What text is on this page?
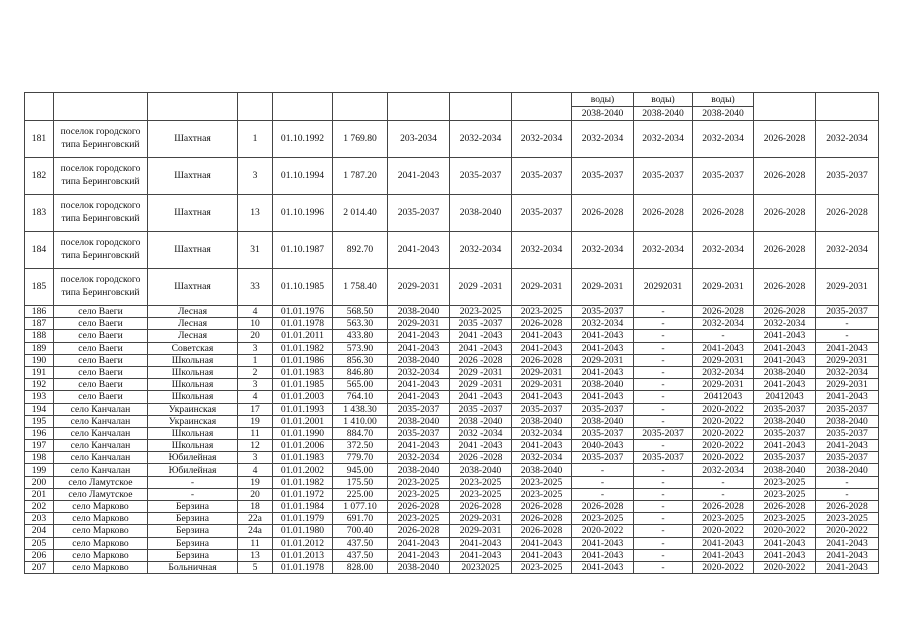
									воды)	воды)	воды)		
									2038-2040	2038-2040	2038-2040		
181	поселок городского типа Беринговский	Шахтная	1	01.10.1992	1 769.80	203-2034	2032-2034	2032-2034	2032-2034	2032-2034	2032-2034	2026-2028	2032-2034
182	поселок городского типа Беринговский	Шахтная	3	01.10.1994	1 787.20	2041-2043	2035-2037	2035-2037	2035-2037	2035-2037	2035-2037	2026-2028	2035-2037
183	поселок городского типа Беринговский	Шахтная	13	01.10.1996	2 014.40	2035-2037	2038-2040	2035-2037	2026-2028	2026-2028	2026-2028	2026-2028	2026-2028
184	поселок городского типа Беринговский	Шахтная	31	01.10.1987	892.70	2041-2043	2032-2034	2032-2034	2032-2034	2032-2034	2032-2034	2026-2028	2032-2034
185	поселок городского типа Беринговский	Шахтная	33	01.10.1985	1 758.40	2029-2031	2029 -2031	2029-2031	2029-2031	20292031	2029-2031	2026-2028	2029-2031
186	село Ваеги	Лесная	4	01.01.1976	568.50	2038-2040	2023-2025	2023-2025	2035-2037	-	2026-2028	2026-2028	2035-2037
187	село Ваеги	Лесная	10	01.01.1978	563.30	2029-2031	2035 -2037	2026-2028	2032-2034	-	2032-2034	2032-2034	-
188	село Ваеги	Лесная	20	01.01.2011	433.80	2041-2043	2041 -2043	2041-2043	2041-2043	-	-	2041-2043	-
189	село Ваеги	Советская	3	01.01.1982	573.90	2041-2043	2041 -2043	2041-2043	2041-2043	-	2041-2043	2041-2043	2041-2043
190	село Ваеги	Школьная	1	01.01.1986	856.30	2038-2040	2026 -2028	2026-2028	2029-2031	-	2029-2031	2041-2043	2029-2031
191	село Ваеги	Школьная	2	01.01.1983	846.80	2032-2034	2029 -2031	2029-2031	2041-2043	-	2032-2034	2038-2040	2032-2034
192	село Ваеги	Школьная	3	01.01.1985	565.00	2041-2043	2029 -2031	2029-2031	2038-2040	-	2029-2031	2041-2043	2029-2031
193	село Ваеги	Школьная	4	01.01.2003	764.10	2041-2043	2041 -2043	2041-2043	2041-2043	-	20412043	20412043	2041-2043
194	село Канчалан	Украинская	17	01.01.1993	1 438.30	2035-2037	2035 -2037	2035-2037	2035-2037	-	2020-2022	2035-2037	2035-2037
195	село Канчалан	Украинская	19	01.01.2001	1 410.00	2038-2040	2038 -2040	2038-2040	2038-2040	-	2020-2022	2038-2040	2038-2040
196	село Канчалан	Школьная	11	01.01.1990	884.70	2035-2037	2032 -2034	2032-2034	2035-2037	2035-2037	2020-2022	2035-2037	2035-2037
197	село Канчалан	Школьная	12	01.01.2006	372.50	2041-2043	2041 -2043	2041-2043	2040-2043	-	2020-2022	2041-2043	2041-2043
198	село Канчалан	Юбилейная	3	01.01.1983	779.70	2032-2034	2026 -2028	2032-2034	2035-2037	2035-2037	2020-2022	2035-2037	2035-2037
199	село Канчалан	Юбилейная	4	01.01.2002	945.00	2038-2040	2038-2040	2038-2040	-	-	2032-2034	2038-2040	2038-2040
200	село Ламутское	-	19	01.01.1982	175.50	2023-2025	2023-2025	2023-2025	-	-	-	2023-2025	-
201	село Ламутское	-	20	01.01.1972	225.00	2023-2025	2023-2025	2023-2025	-	-	-	2023-2025	-
202	село Марково	Берзина	18	01.01.1984	1 077.10	2026-2028	2026-2028	2026-2028	2026-2028	-	2026-2028	2026-2028	2026-2028
203	село Марково	Берзина	22а	01.01.1979	691.70	2023-2025	2029-2031	2026-2028	2023-2025	-	2023-2025	2023-2025	2023-2025
204	село Марково	Берзина	24а	01.01.1980	700.40	2026-2028	2029-2031	2026-2028	2020-2022	-	2020-2022	2020-2022	2020-2022
205	село Марково	Берзина	11	01.01.2012	437.50	2041-2043	2041-2043	2041-2043	2041-2043	-	2041-2043	2041-2043	2041-2043
206	село Марково	Берзина	13	01.01.2013	437.50	2041-2043	2041-2043	2041-2043	2041-2043	-	2041-2043	2041-2043	2041-2043
207	село Марково	Больничная	5	01.01.1978	828.00	2038-2040	20232025	2023-2025	2041-2043	-	2020-2022	2020-2022	2041-2043
